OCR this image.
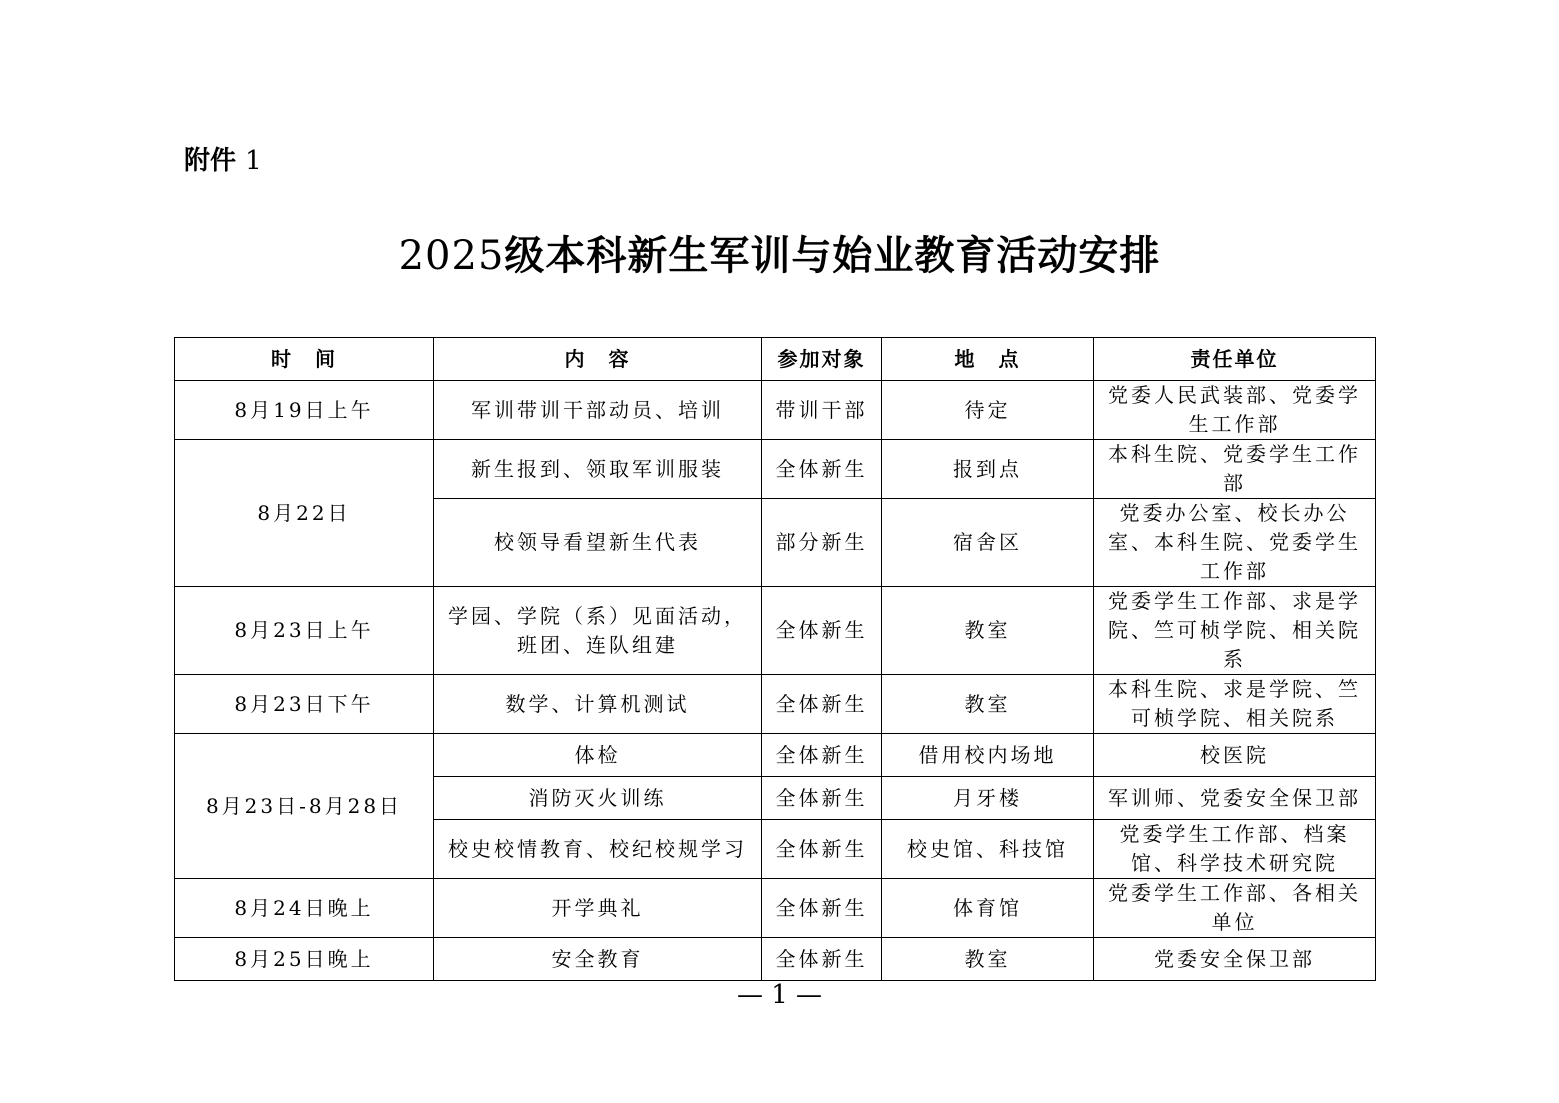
附件 1
2025级本科新生军训与始业教育活动安排
时　间	内　容	参加对象	地　点	责任单位
8月19日上午	军训带训干部动员、培训	带训干部	待定	党委人民武装部、党委学生工作部
8月22日	新生报到、领取军训服装	全体新生	报到点	本科生院、党委学生工作部
	校领导看望新生代表	部分新生	宿舍区	党委办公室、校长办公室、本科生院、党委学生工作部
8月23日上午	学园、学院（系）见面活动，班团、连队组建	全体新生	教室	党委学生工作部、求是学院、竺可桢学院、相关院系
8月23日下午	数学、计算机测试	全体新生	教室	本科生院、求是学院、竺可桢学院、相关院系
8月23日-8月28日	体检	全体新生	借用校内场地	校医院
	消防灭火训练	全体新生	月牙楼	军训师、党委安全保卫部
	校史校情教育、校纪校规学习	全体新生	校史馆、科技馆	党委学生工作部、档案馆、科学技术研究院
8月24日晚上	开学典礼	全体新生	体育馆	党委学生工作部、各相关单位
8月25日晚上	安全教育	全体新生	教室	党委安全保卫部
— 1 —
